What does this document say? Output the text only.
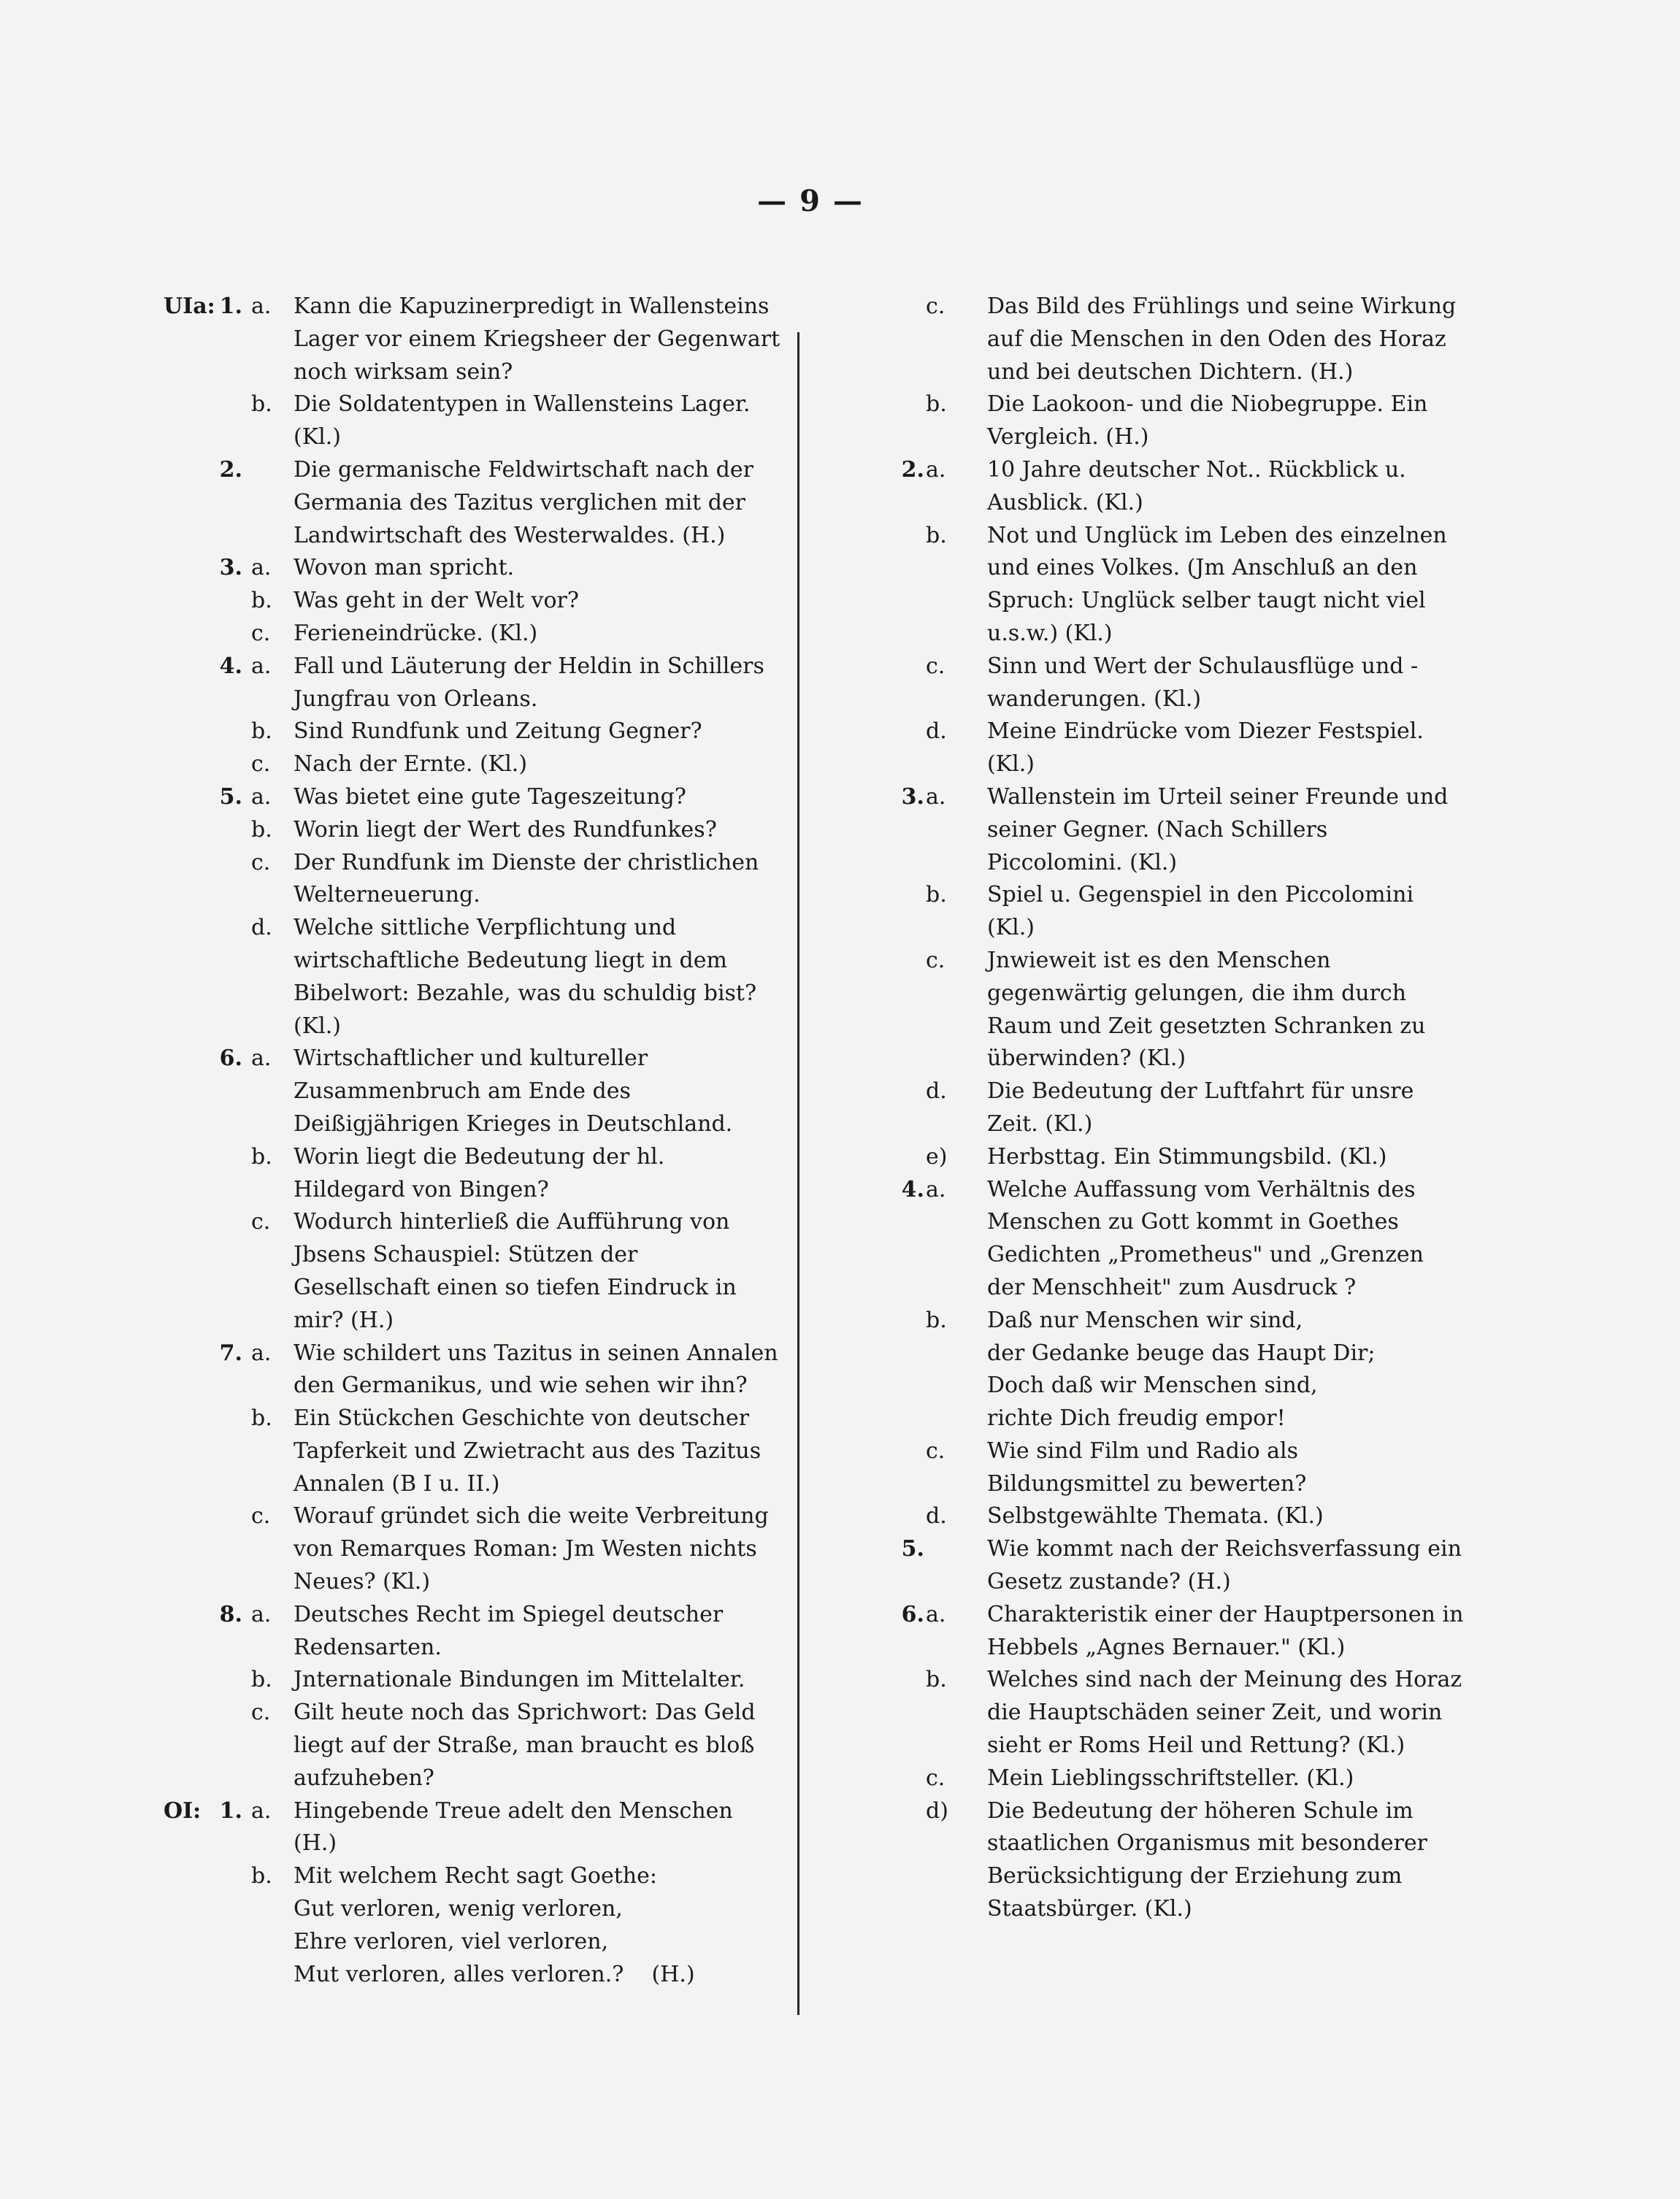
— 9 —
UIa: 1. a. Kann die Kapuzinerpredigt in Wallensteins Lager vor einem Kriegsheer der Gegenwart noch wirksam sein?
b. Die Soldatentypen in Wallensteins Lager. (Kl.)
2. Die germanische Feldwirtschaft nach der Germania des Tazitus verglichen mit der Landwirtschaft des Westerwaldes. (H.)
3. a. Wovon man spricht.
b. Was geht in der Welt vor?
c. Ferieneindrücke. (Kl.)
4. a. Fall und Läuterung der Heldin in Schillers Jungfrau von Orleans.
b. Sind Rundfunk und Zeitung Gegner?
c. Nach der Ernte. (Kl.)
5. a. Was bietet eine gute Tageszeitung?
b. Worin liegt der Wert des Rundfunkes?
c. Der Rundfunk im Dienste der christlichen Welterneuerung.
d. Welche sittliche Verpflichtung und wirtschaftliche Bedeutung liegt in dem Bibelwort: Bezahle, was du schuldig bist? (Kl.)
6. a. Wirtschaftlicher und kultureller Zusammenbruch am Ende des Deißigjährigen Krieges in Deutschland.
b. Worin liegt die Bedeutung der hl. Hildegard von Bingen?
c. Wodurch hinterließ die Aufführung von Jbsens Schauspiel: Stützen der Gesellschaft einen so tiefen Eindruck in mir? (H.)
7. a. Wie schildert uns Tazitus in seinen Annalen den Germanikus, und wie sehen wir ihn?
b. Ein Stückchen Geschichte von deutscher Tapferkeit und Zwietracht aus des Tazitus Annalen (B I u. II.)
c. Worauf gründet sich die weite Verbreitung von Remarques Roman: Jm Westen nichts Neues? (Kl.)
8. a. Deutsches Recht im Spiegel deutscher Redensarten.
b. Jnternationale Bindungen im Mittelalter.
c. Gilt heute noch das Sprichwort: Das Geld liegt auf der Straße, man braucht es bloß aufzuheben?
OI: 1. a. Hingebende Treue adelt den Menschen (H.)
b. Mit welchem Recht sagt Goethe:
Gut verloren, wenig verloren,
Ehre verloren, viel verloren,
Mut verloren, alles verloren.?    (H.)
c. Das Bild des Frühlings und seine Wirkung auf die Menschen in den Oden des Horaz und bei deutschen Dichtern. (H.)
b. Die Laokoon- und die Niobegruppe. Ein Vergleich. (H.)
2. a. 10 Jahre deutscher Not.. Rückblick u. Ausblick. (Kl.)
b. Not und Unglück im Leben des einzelnen und eines Volkes. (Jm Anschluß an den Spruch: Unglück selber taugt nicht viel u.s.w.) (Kl.)
c. Sinn und Wert der Schulausflüge und -wanderungen. (Kl.)
d. Meine Eindrücke vom Diezer Festspiel. (Kl.)
3. a. Wallenstein im Urteil seiner Freunde und seiner Gegner. (Nach Schillers Piccolomini. (Kl.)
b. Spiel u. Gegenspiel in den Piccolomini (Kl.)
c. Jnwieweit ist es den Menschen gegenwärtig gelungen, die ihm durch Raum und Zeit gesetzten Schranken zu überwinden? (Kl.)
d. Die Bedeutung der Luftfahrt für unsre Zeit. (Kl.)
e) Herbsttag. Ein Stimmungsbild. (Kl.)
4. a. Welche Auffassung vom Verhältnis des Menschen zu Gott kommt in Goethes Gedichten „Prometheus" und „Grenzen der Menschheit" zum Ausdruck ?
b. Daß nur Menschen wir sind,
der Gedanke beuge das Haupt Dir;
Doch daß wir Menschen sind,
richte Dich freudig empor!
c. Wie sind Film und Radio als Bildungsmittel zu bewerten?
d. Selbstgewählte Themata. (Kl.)
5.	Wie kommt nach der Reichsverfassung ein Gesetz zustande? (H.)
6. a. Charakteristik einer der Hauptpersonen in Hebbels „Agnes Bernauer." (Kl.)
b. Welches sind nach der Meinung des Horaz die Hauptschäden seiner Zeit, und worin sieht er Roms Heil und Rettung? (Kl.)
c. Mein Lieblingsschriftsteller. (Kl.)
d) Die Bedeutung der höheren Schule im staatlichen Organismus mit besonderer Berücksichtigung der Erziehung zum Staatsbürger. (Kl.)
